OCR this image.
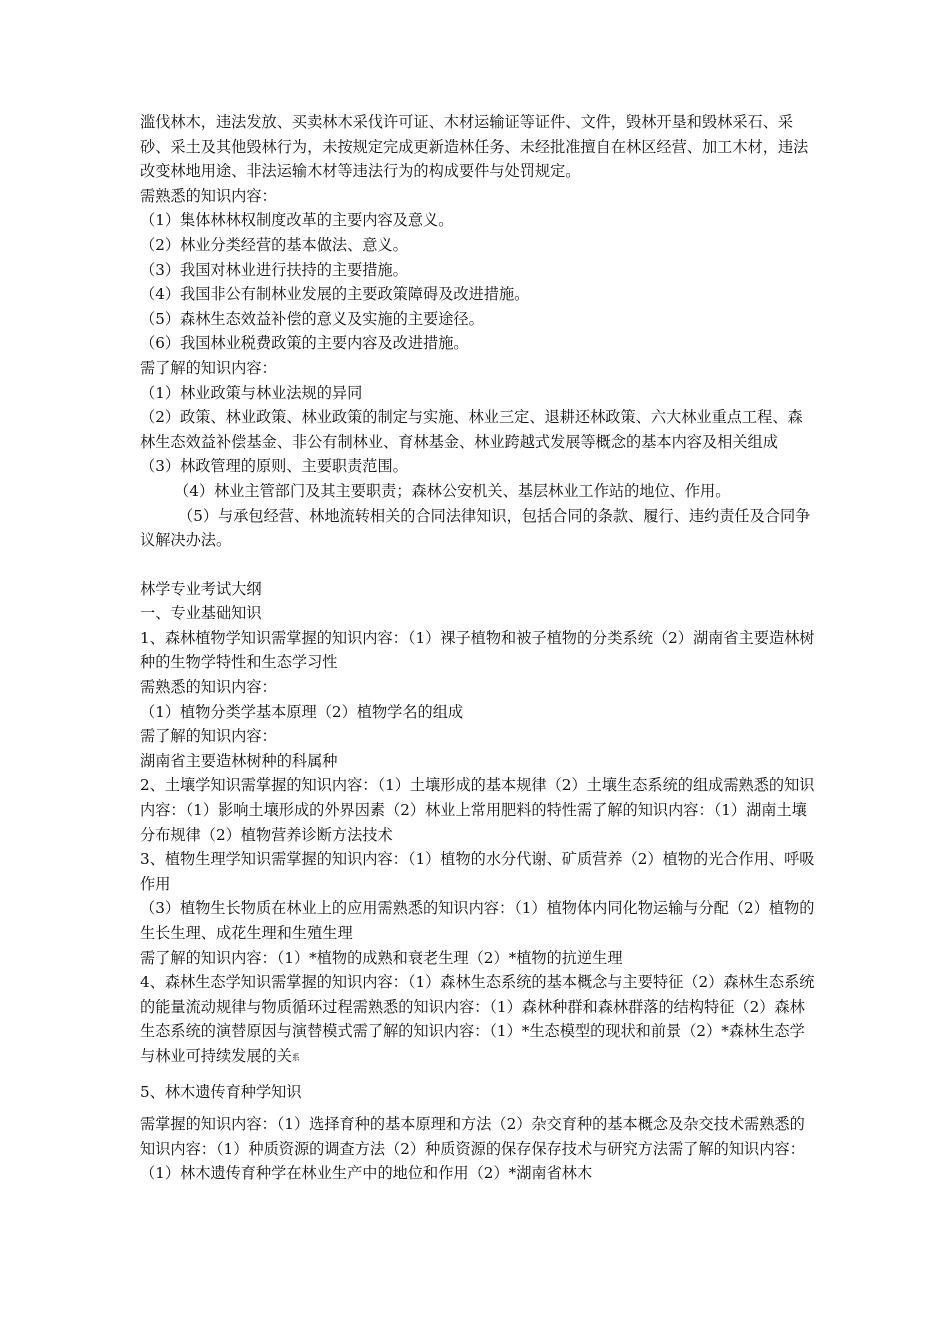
滥伐林木，违法发放、买卖林木采伐许可证、木材运输证等证件、文件，毁林开垦和毁林采石、采砂、采土及其他毁林行为，未按规定完成更新造林任务、未经批准擅自在林区经营、加工木材，违法改变林地用途、非法运输木材等违法行为的构成要件与处罚规定。

需熟悉的知识内容：

（1）集体林林权制度改革的主要内容及意义。

（2）林业分类经营的基本做法、意义。

（3）我国对林业进行扶持的主要措施。

（4）我国非公有制林业发展的主要政策障碍及改进措施。

（5）森林生态效益补偿的意义及实施的主要途径。

（6）我国林业税费政策的主要内容及改进措施。

需了解的知识内容：

（1）林业政策与林业法规的异同

（2）政策、林业政策、林业政策的制定与实施、林业三定、退耕还林政策、六大林业重点工程、森林生态效益补偿基金、非公有制林业、育林基金、林业跨越式发展等概念的基本内容及相关组成

（3）林政管理的原则、主要职责范围。

（4）林业主管部门及其主要职责；森林公安机关、基层林业工作站的地位、作用。

（5）与承包经营、林地流转相关的合同法律知识，包括合同的条款、履行、违约责任及合同争议解决办法。

林学专业考试大纲

一、专业基础知识

1、森林植物学知识需掌握的知识内容：（1）裸子植物和被子植物的分类系统（2）湖南省主要造林树种的生物学特性和生态学习性

需熟悉的知识内容：

（1）植物分类学基本原理（2）植物学名的组成

需了解的知识内容：

湖南省主要造林树种的科属种

2、土壤学知识需掌握的知识内容：（1）土壤形成的基本规律（2）土壤生态系统的组成需熟悉的知识内容：（1）影响土壤形成的外界因素（2）林业上常用肥料的特性需了解的知识内容：（1）湖南土壤分布规律（2）植物营养诊断方法技术

3、植物生理学知识需掌握的知识内容：（1）植物的水分代谢、矿质营养（2）植物的光合作用、呼吸作用

（3）植物生长物质在林业上的应用需熟悉的知识内容：（1）植物体内同化物运输与分配（2）植物的生长生理、成花生理和生殖生理

需了解的知识内容：（1）*植物的成熟和衰老生理（2）*植物的抗逆生理

4、森林生态学知识需掌握的知识内容：（1）森林生态系统的基本概念与主要特征（2）森林生态系统的能量流动规律与物质循环过程需熟悉的知识内容：（1）森林种群和森林群落的结构特征（2）森林生态系统的演替原因与演替模式需了解的知识内容：（1）*生态模型的现状和前景（2）*森林生态学与林业可持续发展的关系

5、林木遗传育种学知识

需掌握的知识内容：（1）选择育种的基本原理和方法（2）杂交育种的基本概念及杂交技术需熟悉的知识内容：（1）种质资源的调查方法（2）种质资源的保存保存技术与研究方法需了解的知识内容：（1）林木遗传育种学在林业生产中的地位和作用（2）*湖南省林木
